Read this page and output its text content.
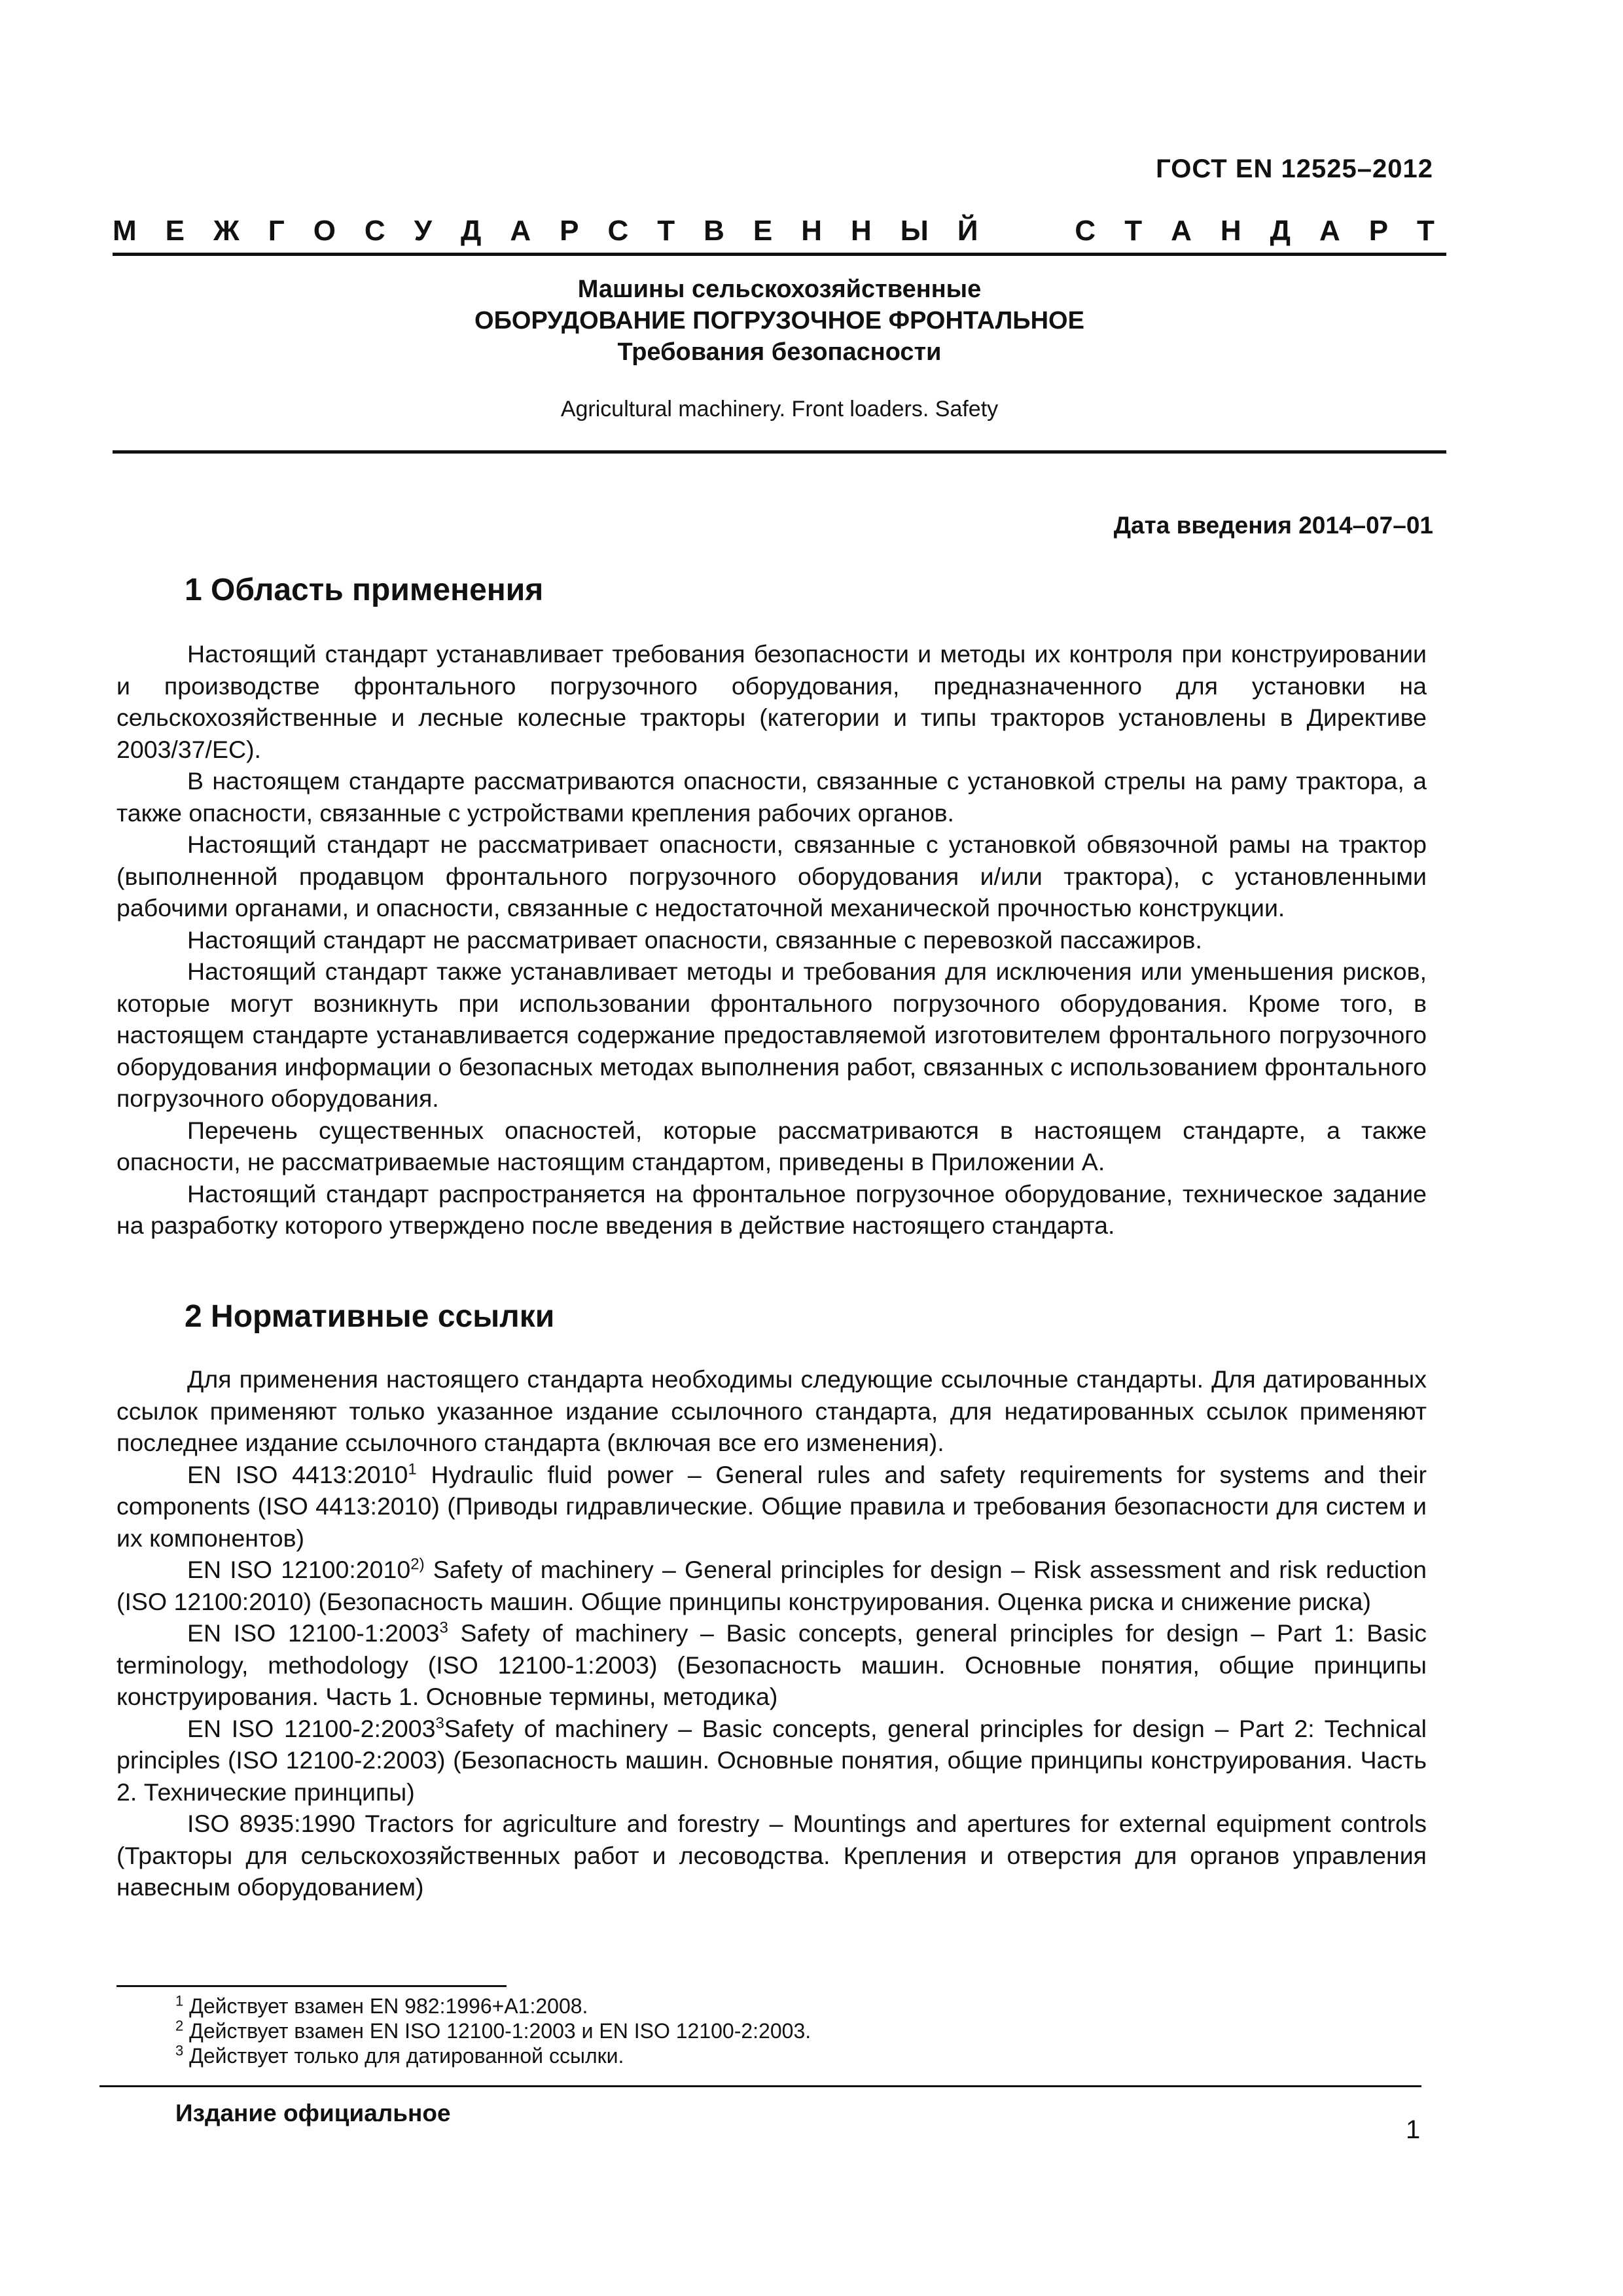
ГОСТ EN 12525–2012
М Е Ж Г О С У Д А Р С Т В Е Н Н Ы Й	С Т А Н Д А Р Т
Машины сельскохозяйственные
ОБОРУДОВАНИЕ ПОГРУЗОЧНОЕ ФРОНТАЛЬНОЕ
Требования безопасности
Agricultural machinery. Front loaders. Safety
Дата введения 2014–07–01
1 Область применения

Настоящий стандарт устанавливает требования безопасности и методы их контроля при конструировании и производстве фронтального погрузочного оборудования, предназначенного для установки на сельскохозяйственные и лесные колесные тракторы (категории и типы тракторов установлены в Директиве 2003/37/ЕС).

В настоящем стандарте рассматриваются опасности, связанные с установкой стрелы на раму трактора, а также опасности, связанные с устройствами крепления рабочих органов.

Настоящий стандарт не рассматривает опасности, связанные с установкой обвязочной рамы на трактор (выполненной продавцом фронтального погрузочного оборудования и/или трактора), с установленными рабочими органами, и опасности, связанные с недостаточной механической прочностью конструкции.

Настоящий стандарт не рассматривает опасности, связанные с перевозкой пассажиров.

Настоящий стандарт также устанавливает методы и требования для исключения или уменьшения рисков, которые могут возникнуть при использовании фронтального погрузочного оборудования. Кроме того, в настоящем стандарте устанавливается содержание предоставляемой изготовителем фронтального погрузочного оборудования информации о безопасных методах выполнения работ, связанных с использованием фронтального погрузочного оборудования.

Перечень существенных опасностей, которые рассматриваются в настоящем стандарте, а также опасности, не рассматриваемые настоящим стандартом, приведены в Приложении А.

Настоящий стандарт распространяется на фронтальное погрузочное оборудование, техническое задание на разработку которого утверждено после введения в действие настоящего стандарта.

2 Нормативные ссылки

Для применения настоящего стандарта необходимы следующие ссылочные стандарты. Для датированных ссылок применяют только указанное издание ссылочного стандарта, для недатированных ссылок применяют последнее издание ссылочного стандарта (включая все его изменения).

EN ISO 4413:2010$^1$ Hydraulic fluid power – General rules and safety requirements for systems and their components (ISO 4413:2010) (Приводы гидравлические. Общие правила и требования безопасности для систем и их компонентов)

EN ISO 12100:2010$^{2)}$ Safety of machinery – General principles for design – Risk assessment and risk reduction (ISO 12100:2010) (Безопасность машин. Общие принципы конструирования. Оценка риска и снижение риска)

EN ISO 12100-1:2003$^3$ Safety of machinery – Basic concepts, general principles for design – Part 1: Basic terminology, methodology (ISO 12100-1:2003) (Безопасность машин. Основные понятия, общие принципы конструирования. Часть 1. Основные термины, методика)

EN ISO 12100-2:2003$^3$Safety of machinery – Basic concepts, general principles for design – Part 2: Technical principles (ISO 12100-2:2003) (Безопасность машин. Основные понятия, общие принципы конструирования. Часть 2. Технические принципы)

ISO 8935:1990 Tractors for agriculture and forestry – Mountings and apertures for external equipment controls (Тракторы для сельскохозяйственных работ и лесоводства. Крепления и отверстия для органов управления навесным оборудованием)

$^1$ Действует взамен EN 982:1996+A1:2008.
$^2$ Действует взамен EN ISO 12100-1:2003 и EN ISO 12100-2:2003.
$^3$ Действует только для датированной ссылки.
Издание официальное
1
